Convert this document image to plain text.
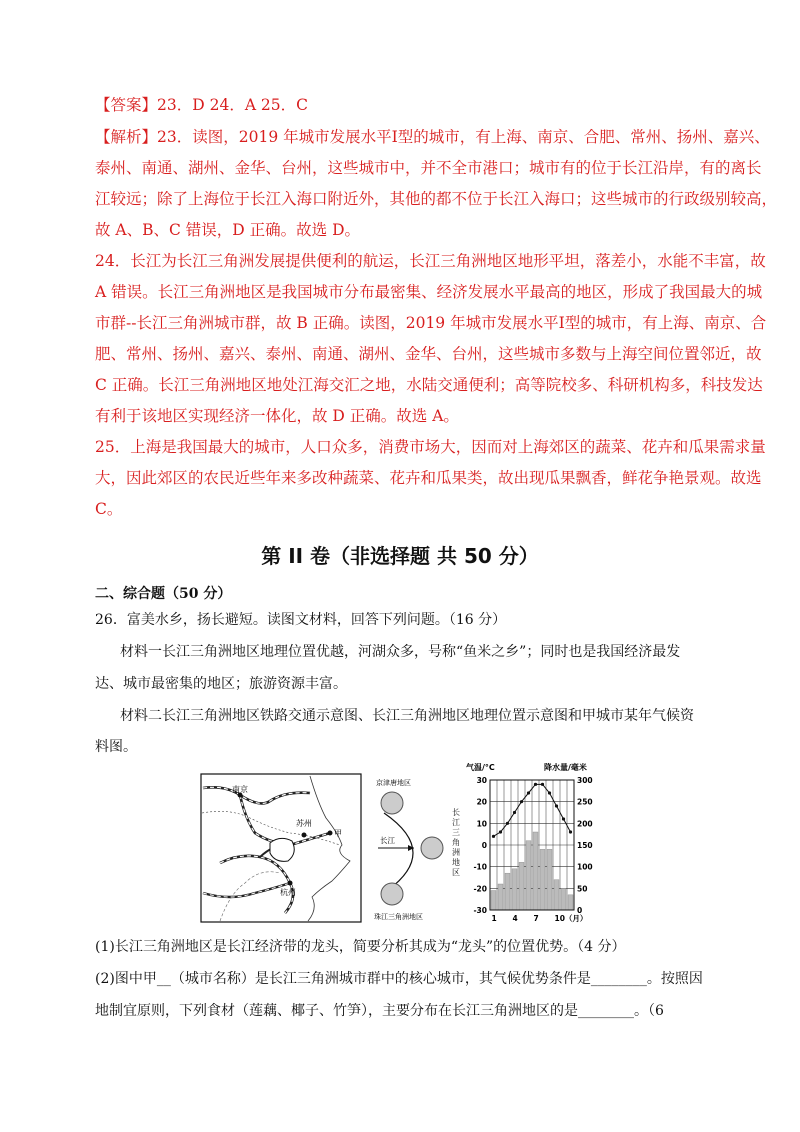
【答案】23．D 24．A 25．C
【解析】23．读图，2019 年城市发展水平Ⅰ型的城市，有上海、南京、合肥、常州、扬州、嘉兴、
泰州、南通、湖州、金华、台州，这些城市中，并不全市港口；城市有的位于长江沿岸，有的离长
江较远；除了上海位于长江入海口附近外，其他的都不位于长江入海口；这些城市的行政级别较高，
故 A、B、C 错误，D 正确。故选 D。
24．长江为长江三角洲发展提供便利的航运，长江三角洲地区地形平坦，落差小，水能不丰富，故
A 错误。长江三角洲地区是我国城市分布最密集、经济发展水平最高的地区，形成了我国最大的城
市群--长江三角洲城市群，故 B 正确。读图，2019 年城市发展水平Ⅰ型的城市，有上海、南京、合
肥、常州、扬州、嘉兴、泰州、南通、湖州、金华、台州，这些城市多数与上海空间位置邻近，故
C 正确。长江三角洲地区地处江海交汇之地，水陆交通便利；高等院校多、科研机构多，科技发达
有利于该地区实现经济一体化，故 D 正确。故选 A。
25．上海是我国最大的城市，人口众多，消费市场大，因而对上海郊区的蔬菜、花卉和瓜果需求量
大，因此郊区的农民近些年来多改种蔬菜、花卉和瓜果类，故出现瓜果飘香，鲜花争艳景观。故选
C。
第 II 卷（非选择题 共 50 分）
二、综合题（50 分）
26．富美水乡，扬长避短。读图文材料，回答下列问题。（16 分）
材料一长江三角洲地区地理位置优越，河湖众多，号称“鱼米之乡”；同时也是我国经济最发
达、城市最密集的地区；旅游资源丰富。
材料二长江三角洲地区铁路交通示意图、长江三角洲地区地理位置示意图和甲城市某年气候资
料图。
南京
苏州
甲
杭州
京津唐地区
长江
珠江三角洲地区
长江三角洲地区
气温/°C	降水量/毫米
30	300
20	250
10	200
0	150
-10	100
-20	50
-30	0
1 4 7 10（月）
(1)长江三角洲地区是长江经济带的龙头，简要分析其成为“龙头”的位置优势。（4 分）
(2)图中甲__（城市名称）是长江三角洲城市群中的核心城市，其气候优势条件是________。按照因
地制宜原则，下列食材（莲藕、椰子、竹笋），主要分布在长江三角洲地区的是________。（6
